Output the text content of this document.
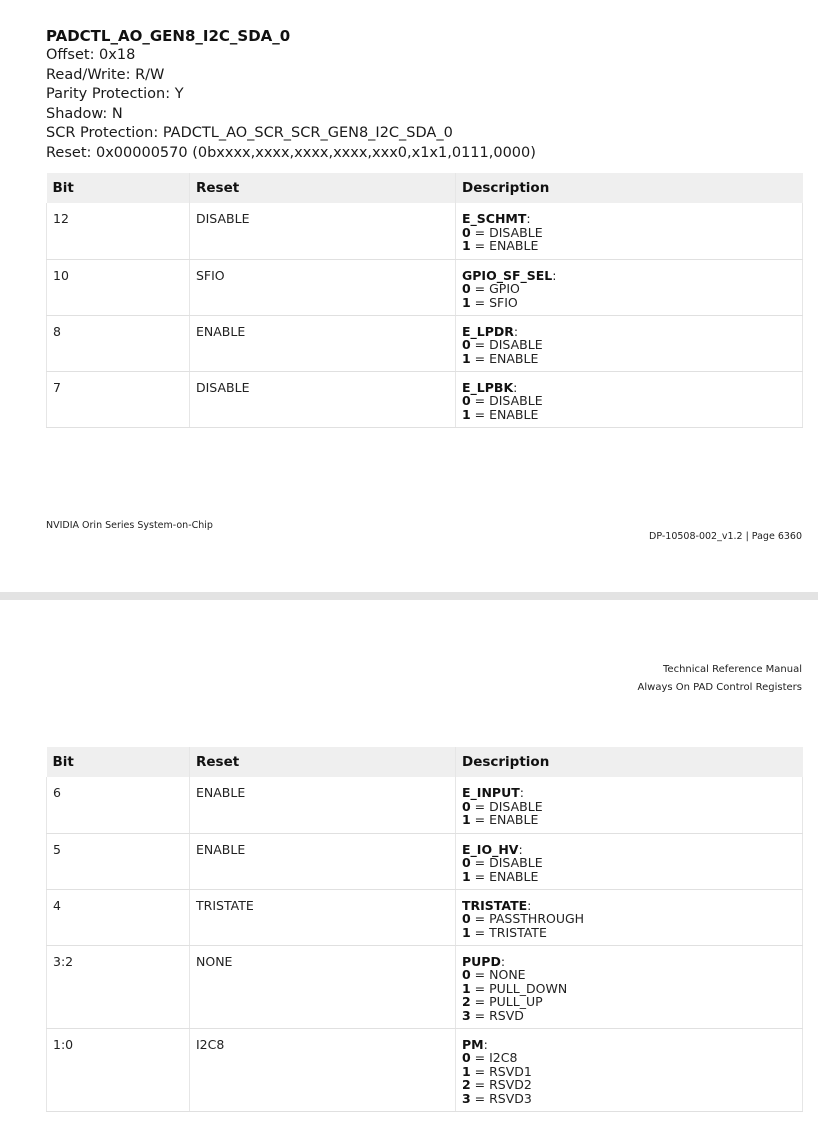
PADCTL_AO_GEN8_I2C_SDA_0

Offset: 0x18

Read/Write: R/W

Parity Protection: Y

Shadow: N

SCR Protection: PADCTL_AO_SCR_SCR_GEN8_I2C_SDA_0

Reset: 0x00000570 (0bxxxx,xxxx,xxxx,xxxx,xxx0,x1x1,0111,0000)

Bit	Reset	Description
12	DISABLE	E_SCHMT:
0 = DISABLE
1 = ENABLE

10	SFIO	GPIO_SF_SEL:
0 = GPIO
1 = SFIO

8	ENABLE	E_LPDR:
0 = DISABLE
1 = ENABLE

7	DISABLE	E_LPBK:
0 = DISABLE
1 = ENABLE
NVIDIA Orin Series System-on-Chip
DP-10508-002_v1.2 | Page 6360
Technical Reference Manual
Always On PAD Control Registers
Bit	Reset	Description
6	ENABLE	E_INPUT:
0 = DISABLE
1 = ENABLE

5	ENABLE	E_IO_HV:
0 = DISABLE
1 = ENABLE

4	TRISTATE	TRISTATE:
0 = PASSTHROUGH
1 = TRISTATE

3:2	NONE	PUPD:
0 = NONE
1 = PULL_DOWN
2 = PULL_UP
3 = RSVD

1:0	I2C8	PM:
0 = I2C8
1 = RSVD1
2 = RSVD2
3 = RSVD3
